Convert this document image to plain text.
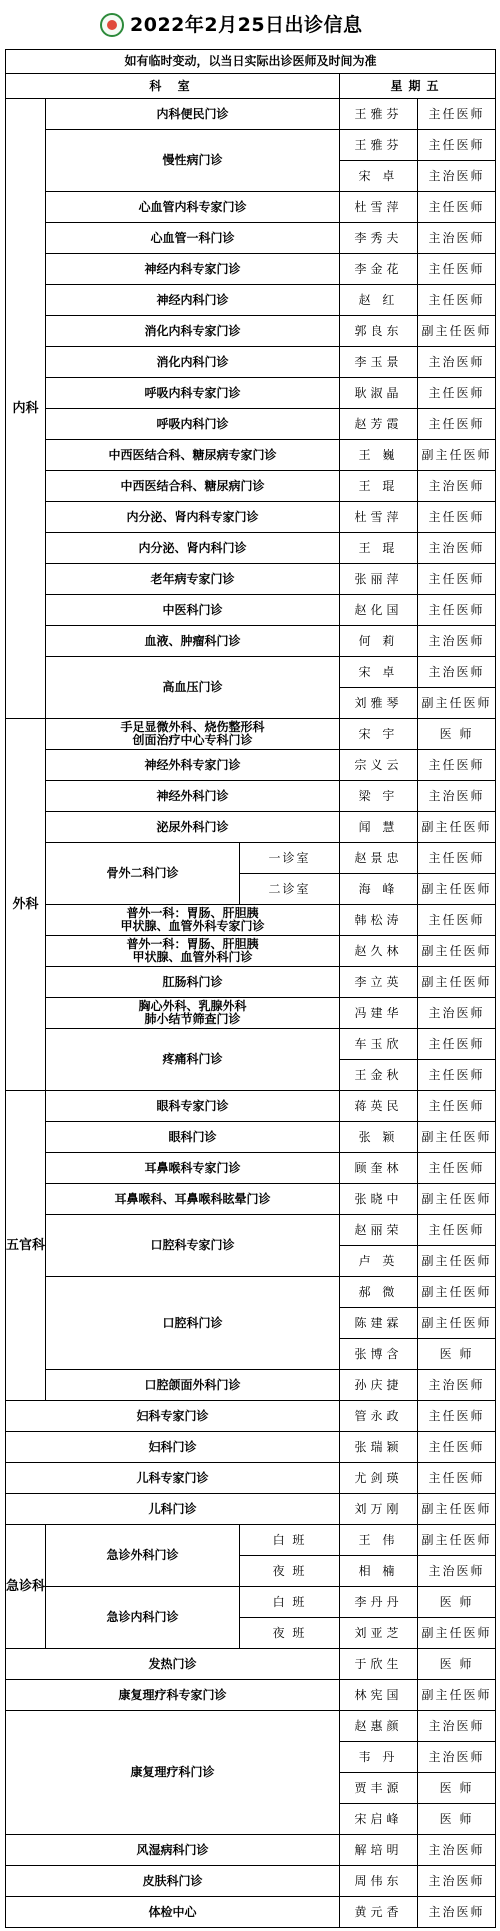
2022年2月25日出诊信息
如有临时变动，以当日实际出诊医师及时间为准				
科 室			星期五	
内科	内科便民门诊		王雅芬	主任医师
	慢性病门诊		王雅芬	主任医师
			宋 卓	主治医师
	心血管内科专家门诊		杜雪萍	主任医师
	心血管一科门诊		李秀夫	主治医师
	神经内科专家门诊		李金花	主任医师
	神经内科门诊		赵 红	主任医师
	消化内科专家门诊		郭良东	副主任医师
	消化内科门诊		李玉景	主治医师
	呼吸内科专家门诊		耿淑晶	主任医师
	呼吸内科门诊		赵芳霞	主任医师
	中西医结合科、糖尿病专家门诊		王 巍	副主任医师
	中西医结合科、糖尿病门诊		王 琨	主治医师
	内分泌、肾内科专家门诊		杜雪萍	主任医师
	内分泌、肾内科门诊		王 琨	主治医师
	老年病专家门诊		张丽萍	主任医师
	中医科门诊		赵化国	主任医师
	血液、肿瘤科门诊		何 莉	主治医师
	高血压门诊		宋 卓	主治医师
			刘雅琴	副主任医师
外科	手足显微外科、烧伤整形科
创面治疗中心专科门诊		宋 宇	医 师
	神经外科专家门诊		宗义云	主任医师
	神经外科门诊		梁 宇	主治医师
	泌尿外科门诊		闻 慧	副主任医师
	骨外二科门诊	一诊室	赵景忠	主任医师
		二诊室	海 峰	副主任医师
	普外一科：胃肠、肝胆胰
甲状腺、血管外科专家门诊		韩松涛	主任医师
	普外一科：胃肠、肝胆胰
甲状腺、血管外科门诊		赵久林	副主任医师
	肛肠科门诊		李立英	副主任医师
	胸心外科、乳腺外科
肺小结节筛查门诊		冯建华	主治医师
	疼痛科门诊		车玉欣	主任医师
			王金秋	主任医师
五官科	眼科专家门诊		蒋英民	主任医师
	眼科门诊		张 颖	副主任医师
	耳鼻喉科专家门诊		顾奎林	主任医师
	耳鼻喉科、耳鼻喉科眩晕门诊		张晓中	副主任医师
	口腔科专家门诊		赵丽荣	主任医师
			卢 英	副主任医师
	口腔科门诊		郝 微	副主任医师
			陈建霖	副主任医师
			张博含	医 师
	口腔颌面外科门诊		孙庆捷	主治医师
妇科专家门诊			管永政	主任医师
妇科门诊			张瑞颖	主任医师
儿科专家门诊			尤剑瑛	主任医师
儿科门诊			刘万刚	副主任医师
急诊科	急诊外科门诊	白 班	王 伟	副主任医师
		夜 班	相 楠	主治医师
	急诊内科门诊	白 班	李丹丹	医 师
		夜 班	刘亚芝	副主任医师
发热门诊			于欣生	医 师
康复理疗科专家门诊			林宪国	副主任医师
康复理疗科门诊			赵惠颜	主治医师
			韦 丹	主治医师
			贾丰源	医 师
			宋启峰	医 师
风湿病科门诊			解培明	主治医师
皮肤科门诊			周伟东	主治医师
体检中心			黄元香	主治医师
